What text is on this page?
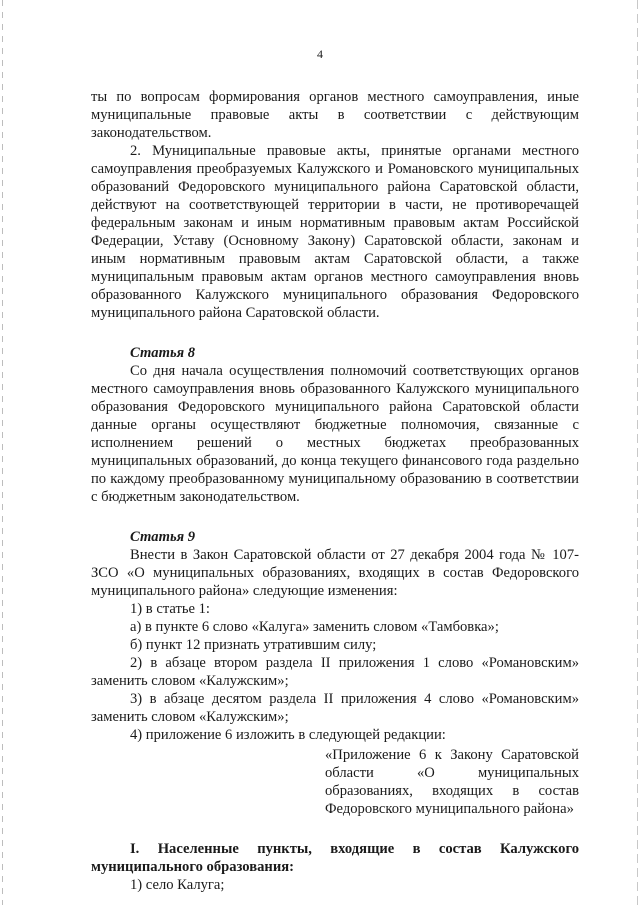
4

ты по вопросам формирования органов местного самоуправления, иные муниципальные правовые акты в соответствии с действующим законодательством.

2. Муниципальные правовые акты, принятые органами местного самоуправления преобразуемых Калужского и Романовского муниципальных образований Федоровского муниципального района Саратовской области, действуют на соответствующей территории в части, не противоречащей федеральным законам и иным нормативным правовым актам Российской Федерации, Уставу (Основному Закону) Саратовской области, законам и иным нормативным правовым актам Саратовской области, а также муниципальным правовым актам органов местного самоуправления вновь образованного Калужского муниципального образования Федоровского муниципального района Саратовской области.

Статья 8

Со дня начала осуществления полномочий соответствующих органов местного самоуправления вновь образованного Калужского муниципального образования Федоровского муниципального района Саратовской области данные органы осуществляют бюджетные полномочия, связанные с исполнением решений о местных бюджетах преобразованных муниципальных образований, до конца текущего финансового года раздельно по каждому преобразованному муниципальному образованию в соответствии с бюджетным законодательством.

Статья 9

Внести в Закон Саратовской области от 27 декабря 2004 года № 107-ЗСО «О муниципальных образованиях, входящих в состав Федоровского муниципального района» следующие изменения:

1) в статье 1:

а) в пункте 6 слово «Калуга» заменить словом «Тамбовка»;

б) пункт 12 признать утратившим силу;

2) в абзаце втором раздела II приложения 1 слово «Романовским» заменить словом «Калужским»;

3) в абзаце десятом раздела II приложения 4 слово «Романовским» заменить словом «Калужским»;

4) приложение 6 изложить в следующей редакции:

«Приложение 6 к Закону Саратовской области «О муниципальных образованиях, входящих в состав Федоровского муниципального района»

I. Населенные пункты, входящие в состав Калужского муниципального образования:

1) село Калуга;
